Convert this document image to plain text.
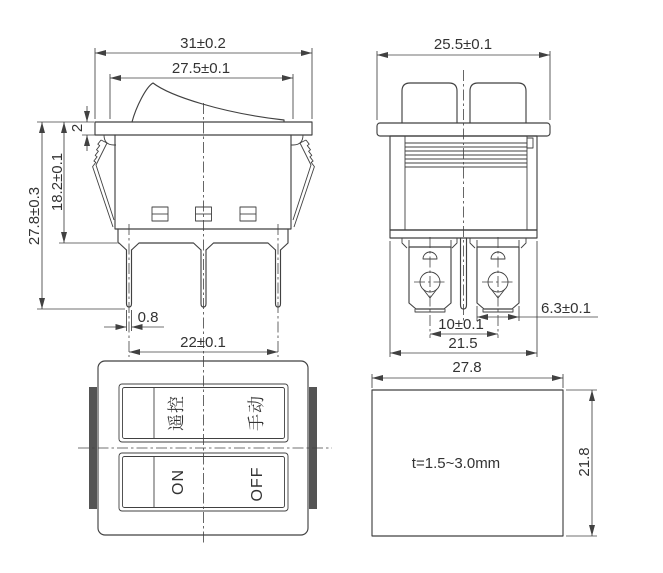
31±0.2
27.5±0.1
2
18.2±0.1
27.8±0.3
0.8
22±0.1
25.5±0.1
6.3±0.1
10±0.1
21.5
遥控	手动
ON	OFF
t=1.5~3.0mm
27.8
21.8
